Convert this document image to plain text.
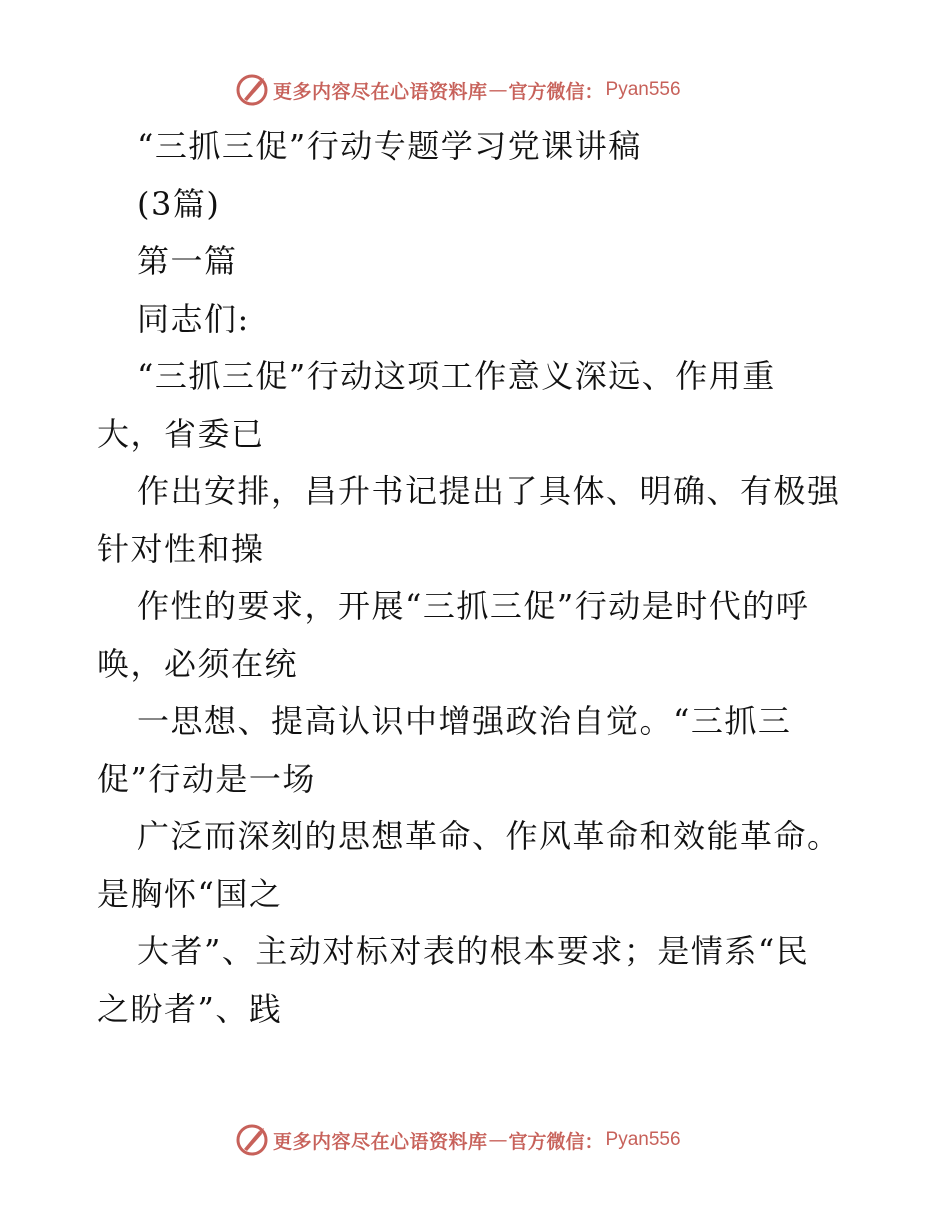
更多内容尽在心语资料库 — 官方微信： Pyan556
“三抓三促”行动专题学习党课讲稿
(3篇)
第一篇
同志们:
“三抓三促”行动这项工作意义深远、作用重
大，省委已
作出安排，昌升书记提出了具体、明确、有极强
针对性和操
作性的要求，开展“三抓三促”行动是时代的呼
唤，必须在统
一思想、提高认识中增强政治自觉。“三抓三
促”行动是一场
广泛而深刻的思想革命、作风革命和效能革命。
是胸怀“国之
大者”、主动对标对表的根本要求；是情系“民
之盼者”、践
更多内容尽在心语资料库 — 官方微信： Pyan556
